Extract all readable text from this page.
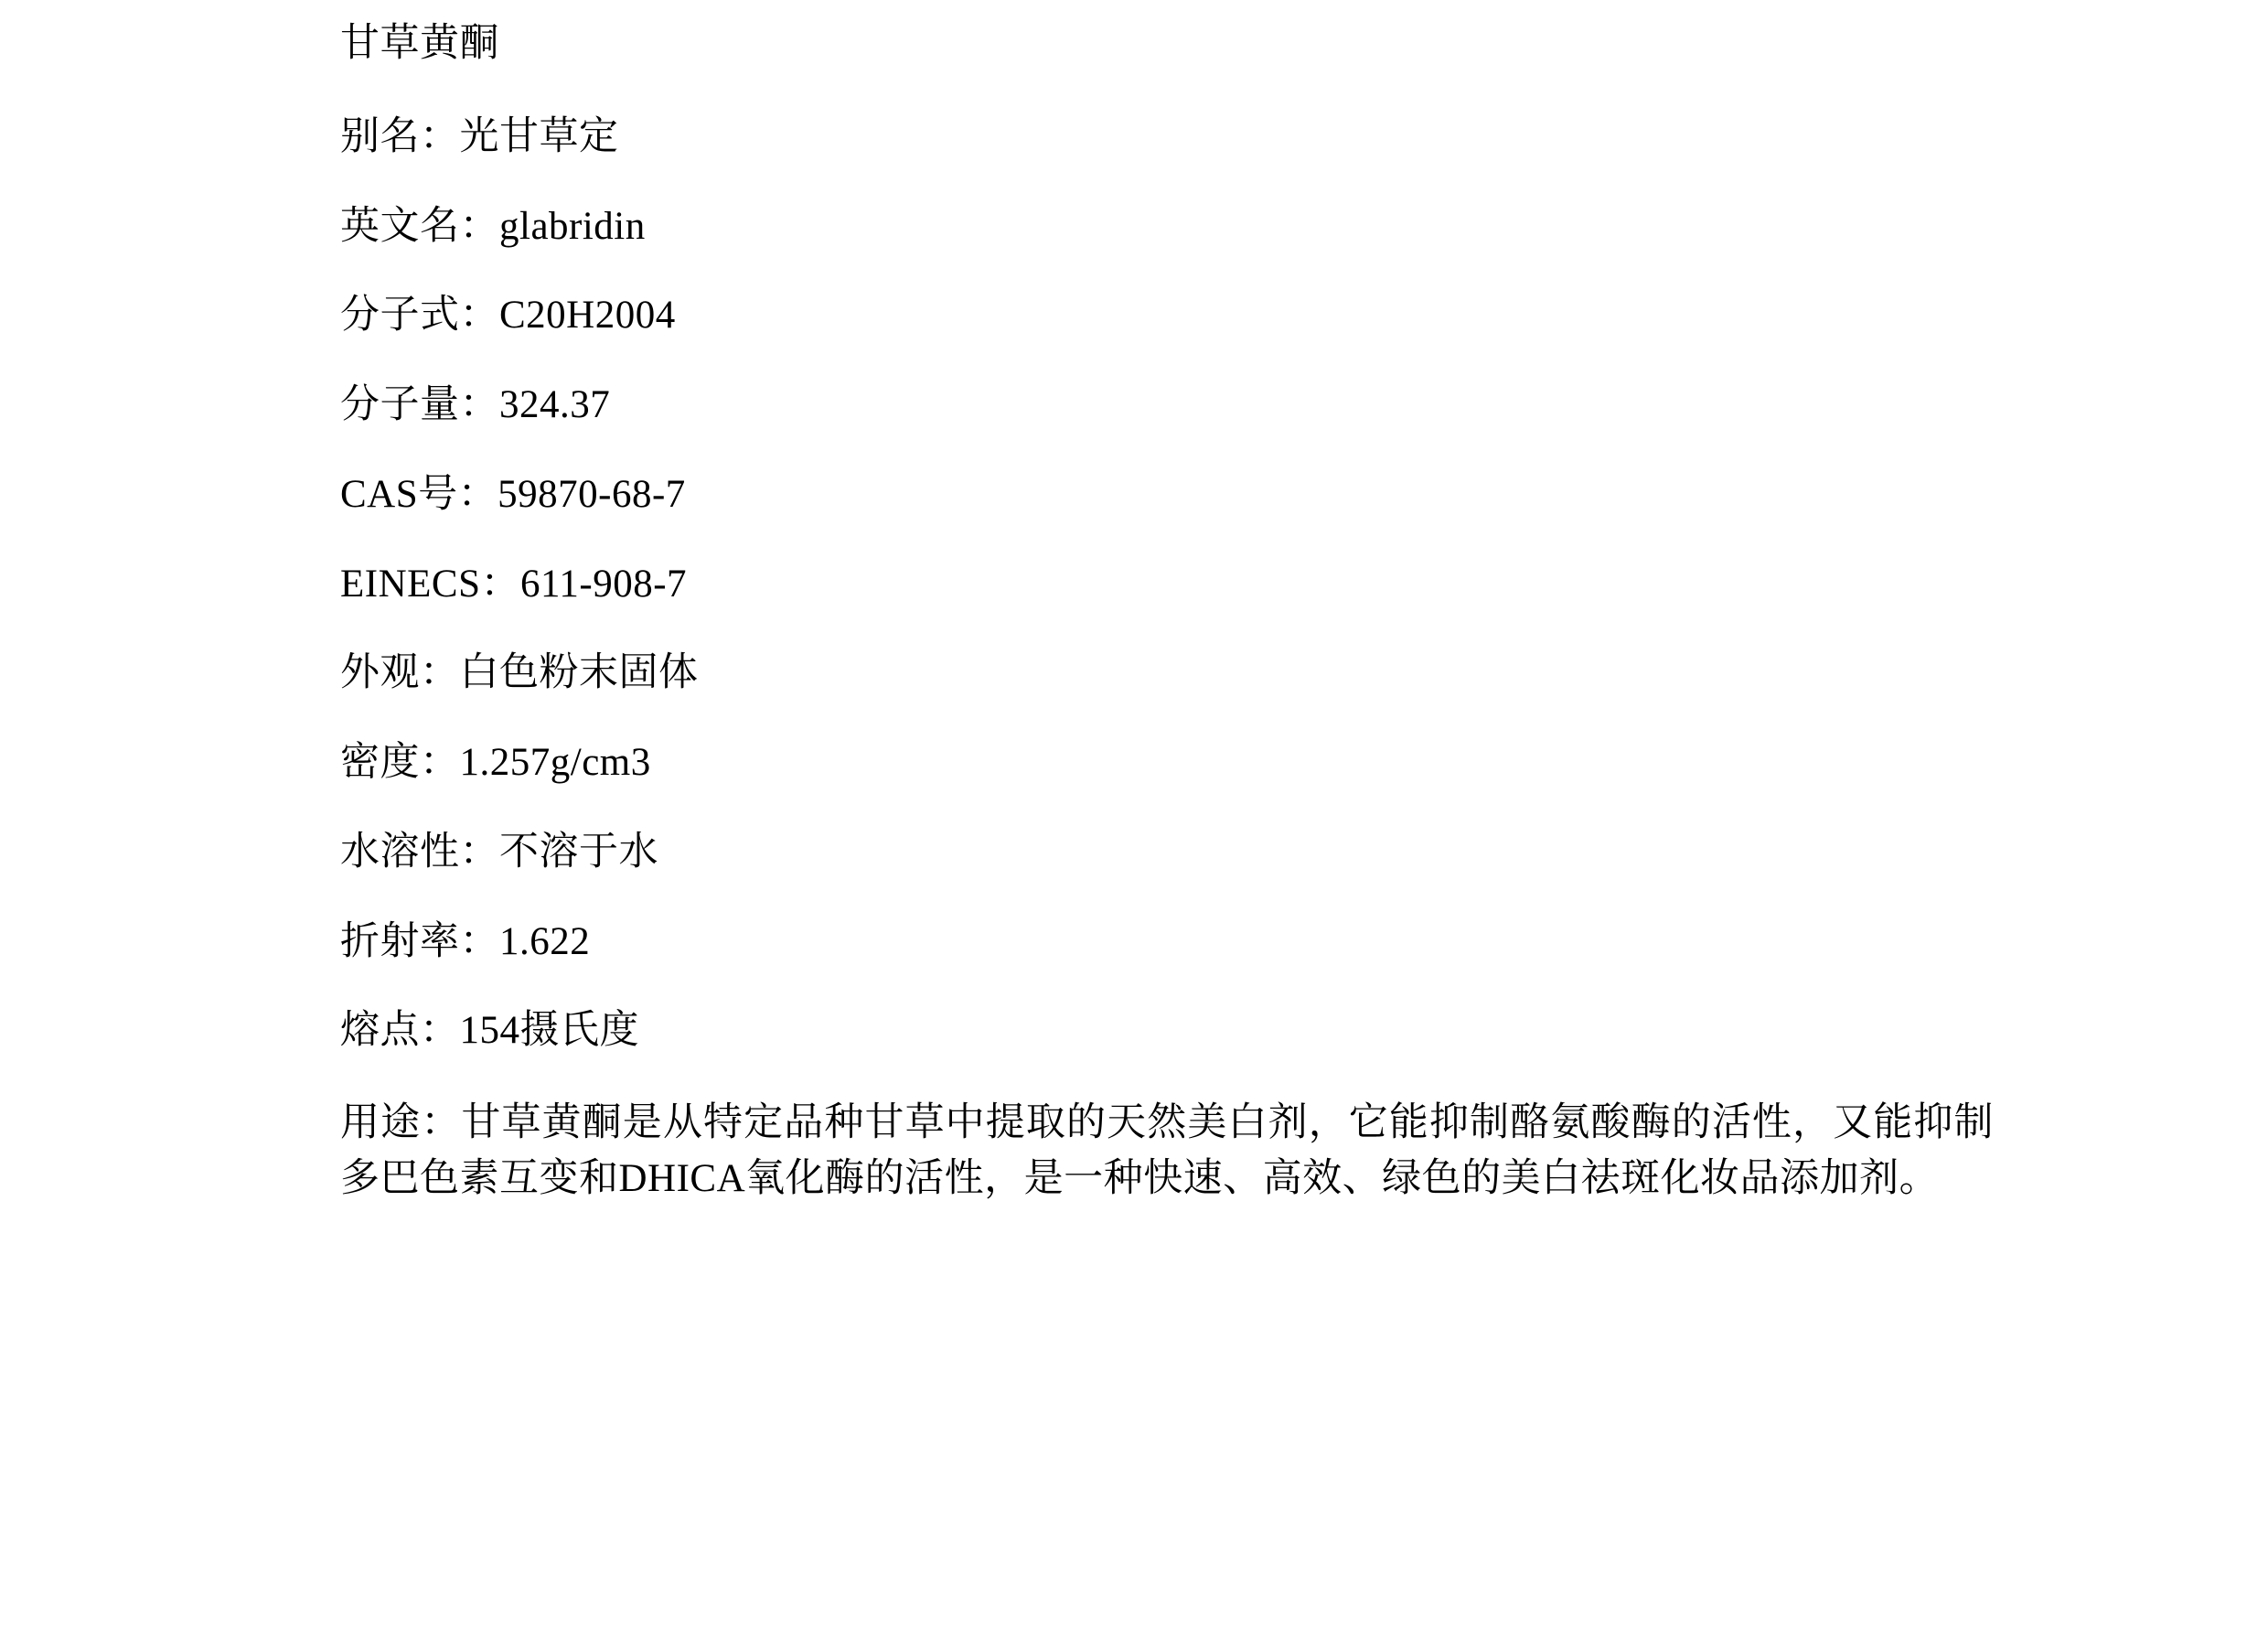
甘草黄酮

别名：光甘草定

英文名：glabridin

分子式：C20H2004

分子量：324.37

CAS号：59870-68-7

EINECS：611-908-7

外观：白色粉末固体

密度：1.257g/cm3

水溶性：不溶于水

折射率：1.622

熔点：154摄氏度

用途：甘草黄酮是从特定品种甘草中提取的天然美白剂，它能抑制酪氨酸酶的活性，又能抑制多巴色素互变和DHICA氧化酶的活性，是一种快速、高效、绿色的美白祛斑化妆品添加剂。
